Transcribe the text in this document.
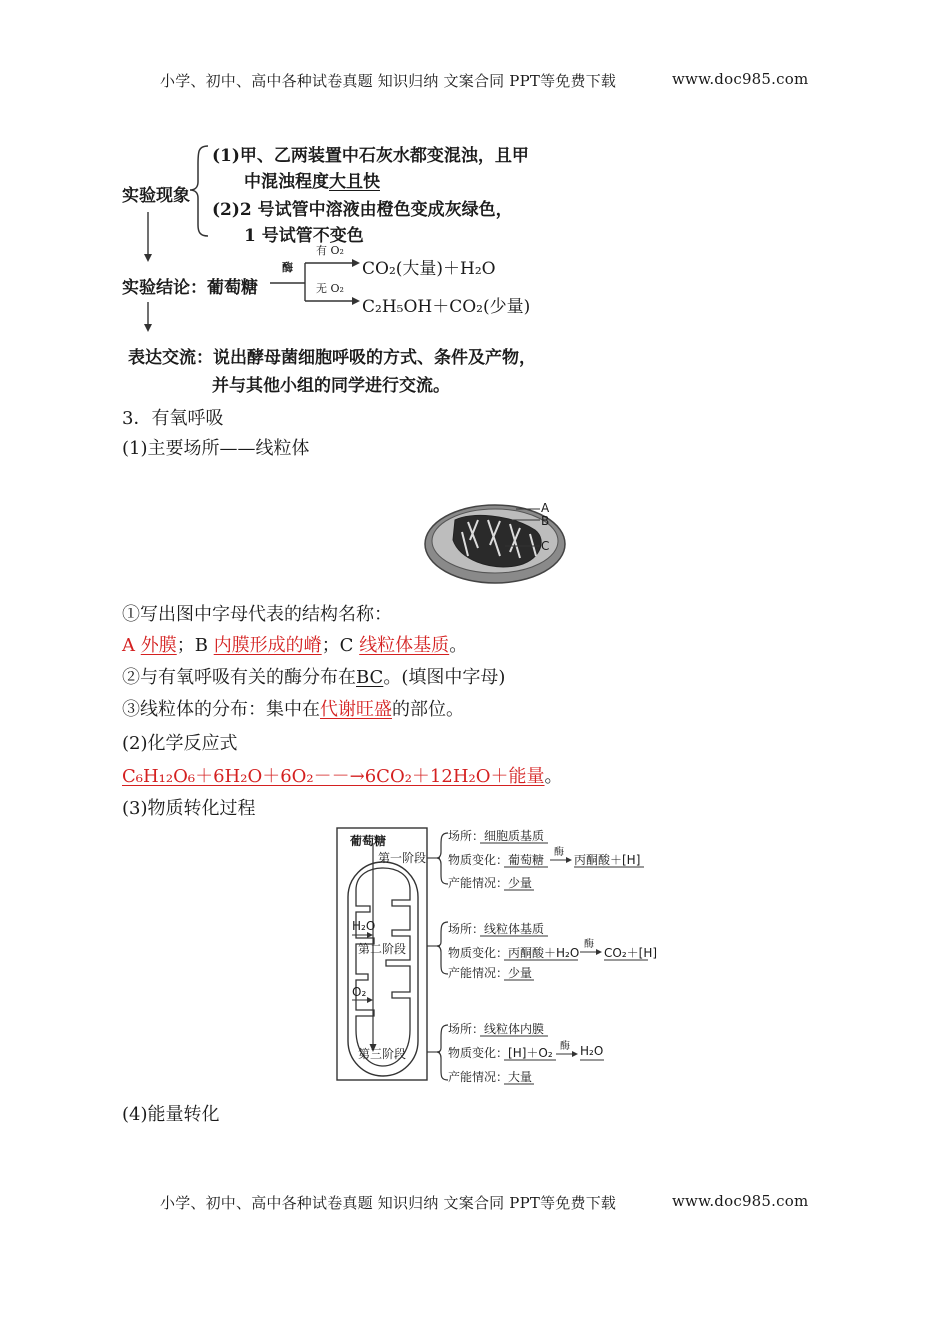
小学、初中、高中各种试卷真题 知识归纳 文案合同 PPT等免费下载	www.doc985.com
实验现象
(1)甲、乙两装置中石灰水都变混浊，且甲
中混浊程度大且快
(2)2 号试管中溶液由橙色变成灰绿色，
1 号试管不变色
实验结论：葡萄糖
酶
有 O₂
无 O₂
CO₂(大量)＋H₂O
C₂H₅OH＋CO₂(少量)
表达交流：说出酵母菌细胞呼吸的方式、条件及产物，
并与其他小组的同学进行交流。
3．有氧呼吸
(1)主要场所——线粒体
A
B
C
①写出图中字母代表的结构名称：
A 外膜；B 内膜形成的嵴；C 线粒体基质。
②与有氧呼吸有关的酶分布在BC。(填图中字母)
③线粒体的分布：集中在代谢旺盛的部位。
(2)化学反应式
C₆H₁₂O₆＋6H₂O＋6O₂－－→6CO₂＋12H₂O＋能量。
(3)物质转化过程
葡萄糖
第一阶段
H₂O
第二阶段
O₂
第三阶段
场所：细胞质基质
物质变化：葡萄糖
酶
丙酮酸＋[H]
产能情况：少量
场所：线粒体基质
物质变化：丙酮酸＋H₂O
酶
CO₂＋[H]
产能情况：少量
场所：线粒体内膜
物质变化：[H]＋O₂ 酶 H₂O
产能情况：大量
(4)能量转化
小学、初中、高中各种试卷真题 知识归纳 文案合同 PPT等免费下载	www.doc985.com
